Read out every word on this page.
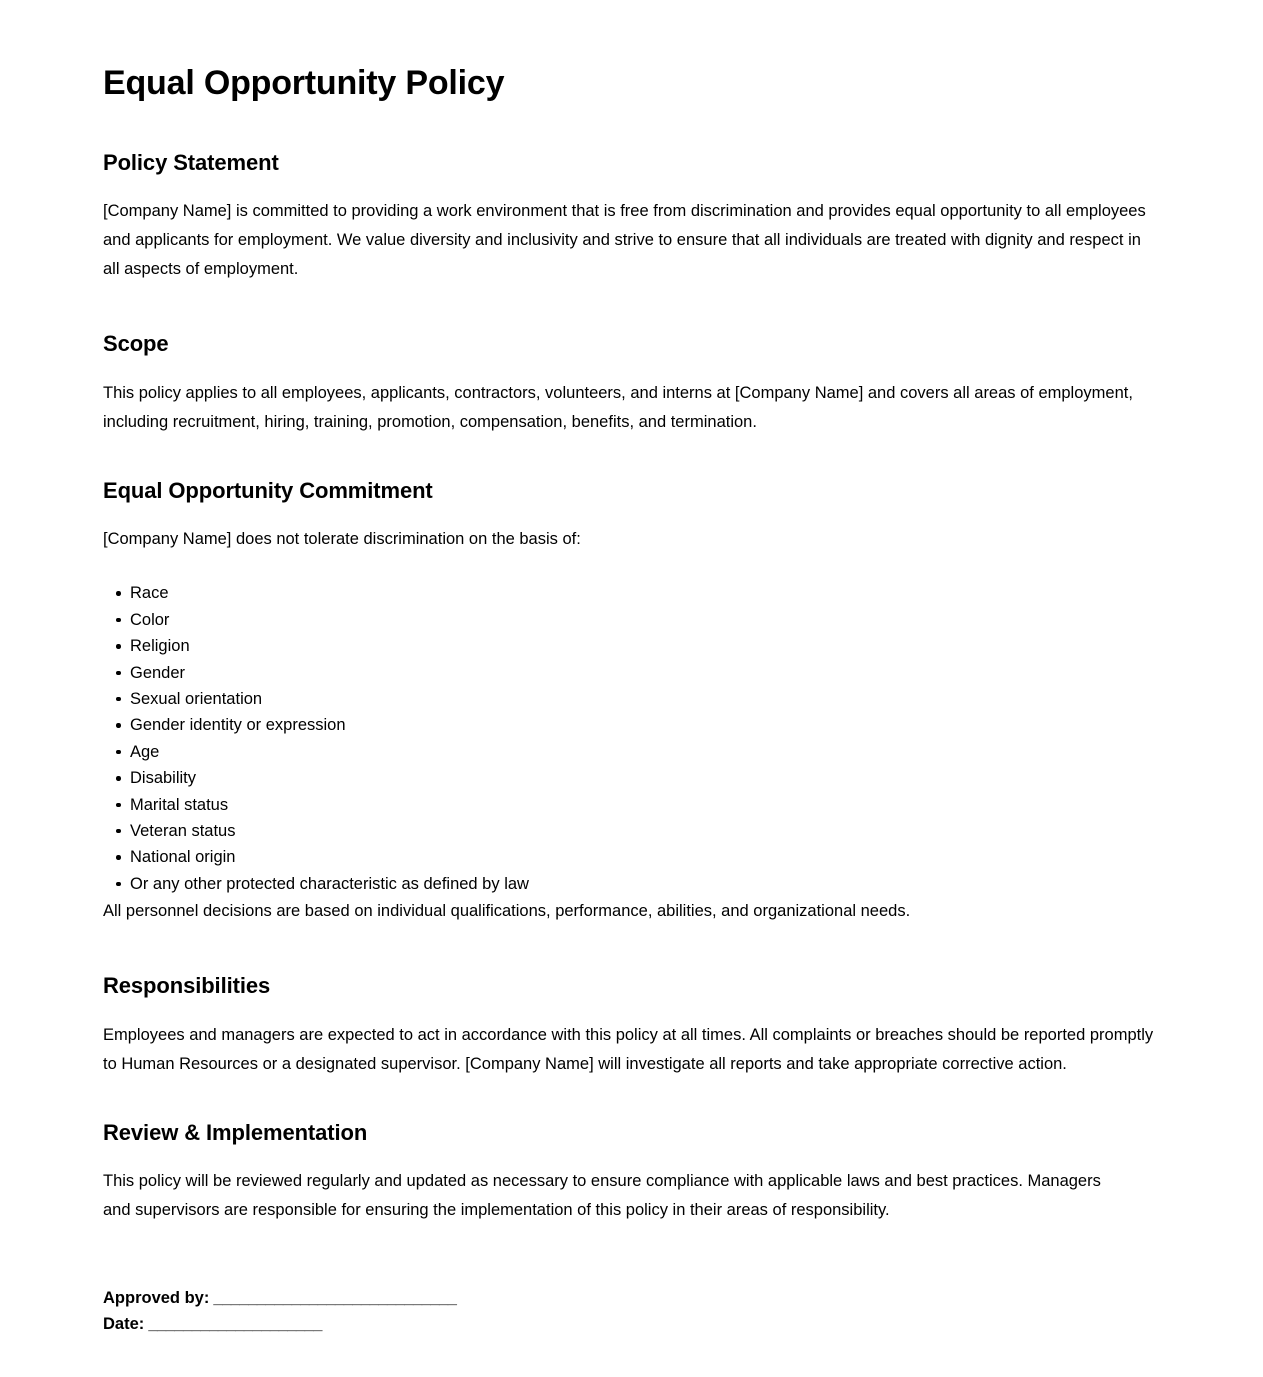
Equal Opportunity Policy
Policy Statement

[Company Name] is committed to providing a work environment that is free from discrimination and provides equal opportunity to all employees and applicants for employment. We value diversity and inclusivity and strive to ensure that all individuals are treated with dignity and respect in all aspects of employment.

Scope

This policy applies to all employees, applicants, contractors, volunteers, and interns at [Company Name] and covers all areas of employment, including recruitment, hiring, training, promotion, compensation, benefits, and termination.

Equal Opportunity Commitment

[Company Name] does not tolerate discrimination on the basis of:

Race
Color
Religion
Gender
Sexual orientation
Gender identity or expression
Age
Disability
Marital status
Veteran status
National origin
Or any other protected characteristic as defined by law

All personnel decisions are based on individual qualifications, performance, abilities, and organizational needs.

Responsibilities

Employees and managers are expected to act in accordance with this policy at all times. All complaints or breaches should be reported promptly to Human Resources or a designated supervisor. [Company Name] will investigate all reports and take appropriate corrective action.

Review & Implementation

This policy will be reviewed regularly and updated as necessary to ensure compliance with applicable laws and best practices. Managers and supervisors are responsible for ensuring the implementation of this policy in their areas of responsibility.

Approved by: ____________________________
Date: ____________________
